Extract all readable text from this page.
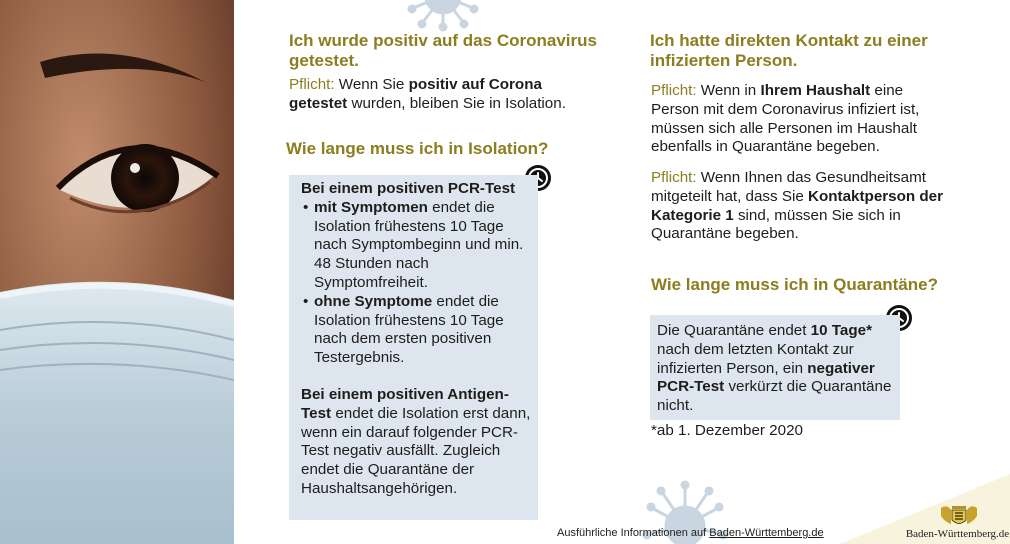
Ich wurde positiv auf das Coronavirus getestet.

Pflicht: Wenn Sie positiv auf Corona getestet wurden, bleiben Sie in Isolation.

Wie lange muss ich in Isolation?
Bei einem positiven PCR-Test
• mit Symptomen endet die Isolation frühestens 10 Tage nach Symptombeginn und min. 48 Stunden nach Symptomfreiheit.
• ohne Symptome endet die Isolation frühestens 10 Tage nach dem ersten positiven Testergebnis.
Bei einem positiven Antigen-Test endet die Isolation erst dann, wenn ein darauf folgender PCR-Test negativ ausfällt. Zugleich endet die Quarantäne der Haushaltsangehörigen.
Ich hatte direkten Kontakt zu einer infizierten Person.

Pflicht: Wenn in Ihrem Haushalt eine Person mit dem Coronavirus infiziert ist, müssen sich alle Personen im Haushalt ebenfalls in Quarantäne begeben.

Pflicht: Wenn Ihnen das Gesundheitsamt mitgeteilt hat, dass Sie Kontaktperson der Kategorie 1 sind, müssen Sie sich in Quarantäne begeben.

Wie lange muss ich in Quarantäne?
Die Quarantäne endet 10 Tage* nach dem letzten Kontakt zur infizierten Person, ein negativer PCR-Test verkürzt die Quarantäne nicht.
*ab 1. Dezember 2020
Ausführliche Informationen auf Baden-Württemberg.de	Baden-Württemberg.de
